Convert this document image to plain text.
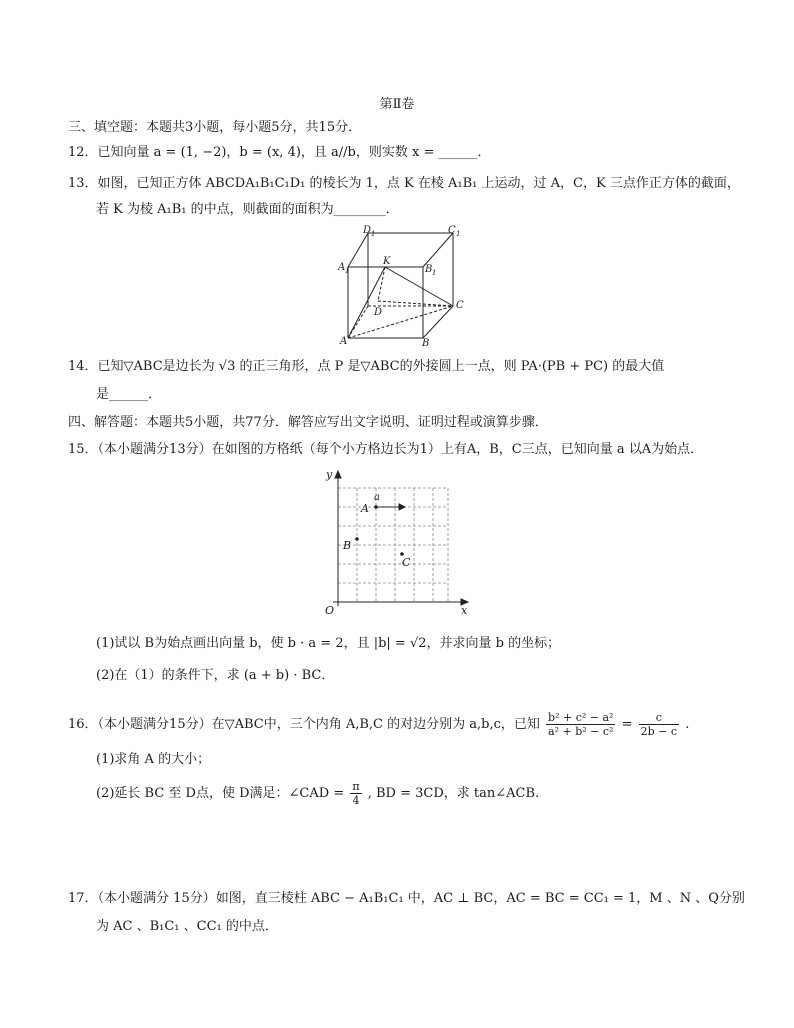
第Ⅱ卷
三、填空题：本题共3小题，每小题5分，共15分．
12．已知向量 a = (1, −2)，b = (x, 4)，且 a//b，则实数 x = ______．
13．如图，已知正方体 ABCDA₁B₁C₁D₁ 的棱长为 1，点 K 在棱 A₁B₁ 上运动，过 A，C，K 三点作正方体的截面，
若 K 为棱 A₁B₁ 的中点，则截面的面积为________．
D 1	C 1
A 1
K
B 1
C
D
A	B
14．已知▽ABC是边长为 √3 的正三角形，点 P 是▽ABC的外接圆上一点，则 PA·(PB + PC) 的最大值
是______．
四、解答题：本题共5小题，共77分．解答应写出文字说明、证明过程或演算步骤．
15．（本小题满分13分）在如图的方格纸（每个小方格边长为1）上有A，B，C三点，已知向量 a 以A为始点．
y
x
O
A
B
C
a
(1)试以 B为始点画出向量 b，使 b · a = 2，且 |b| = √2，并求向量 b 的坐标；
(2)在（1）的条件下，求 (a + b) · BC．
16．（本小题满分15分）在▽ABC中，三个内角 A,B,C 的对边分别为 a,b,c，已知 $\frac{\text{b² + c² − a²}}{\text{a² + b² − c²}} = \frac{c}{2b - c}$ .
(1)求角 A 的大小；
(2)延长 BC 至 D点，使 D满足：∠CAD = $\frac{\pi}{4}$ , BD = 3CD，求 tan∠ACB.
17．（本小题满分 15分）如图，直三棱柱 ABC − A₁B₁C₁ 中，AC ⊥ BC，AC = BC = CC₁ = 1，M 、N 、Q分别
为 AC 、B₁C₁ 、CC₁ 的中点．
